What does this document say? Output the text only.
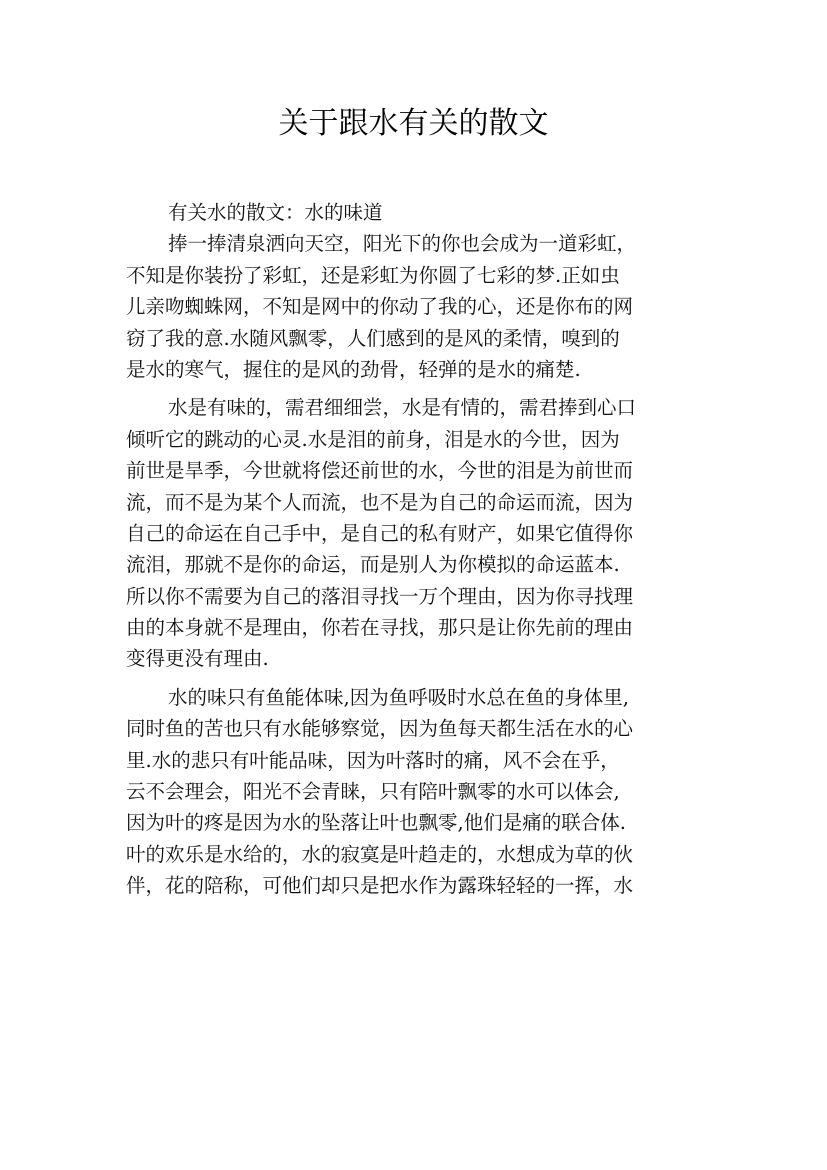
关于跟水有关的散文
有关水的散文：水的味道
捧一捧清泉洒向天空，阳光下的你也会成为一道彩虹，
不知是你装扮了彩虹，还是彩虹为你圆了七彩的梦.正如虫
儿亲吻蜘蛛网，不知是网中的你动了我的心，还是你布的网
窃了我的意.水随风飘零，人们感到的是风的柔情，嗅到的
是水的寒气，握住的是风的劲骨，轻弹的是水的痛楚.
水是有味的，需君细细尝，水是有情的，需君捧到心口
倾听它的跳动的心灵.水是泪的前身，泪是水的今世，因为
前世是旱季，今世就将偿还前世的水，今世的泪是为前世而
流，而不是为某个人而流，也不是为自己的命运而流，因为
自己的命运在自己手中，是自己的私有财产，如果它值得你
流泪，那就不是你的命运，而是别人为你模拟的命运蓝本.
所以你不需要为自己的落泪寻找一万个理由，因为你寻找理
由的本身就不是理由，你若在寻找，那只是让你先前的理由
变得更没有理由.
水的味只有鱼能体味,因为鱼呼吸时水总在鱼的身体里,
同时鱼的苦也只有水能够察觉，因为鱼每天都生活在水的心
里.水的悲只有叶能品味，因为叶落时的痛，风不会在乎，
云不会理会，阳光不会青睐，只有陪叶飘零的水可以体会,
因为叶的疼是因为水的坠落让叶也飘零,他们是痛的联合体.
叶的欢乐是水给的，水的寂寞是叶趋走的，水想成为草的伙
伴，花的陪称，可他们却只是把水作为露珠轻轻的一挥，水
